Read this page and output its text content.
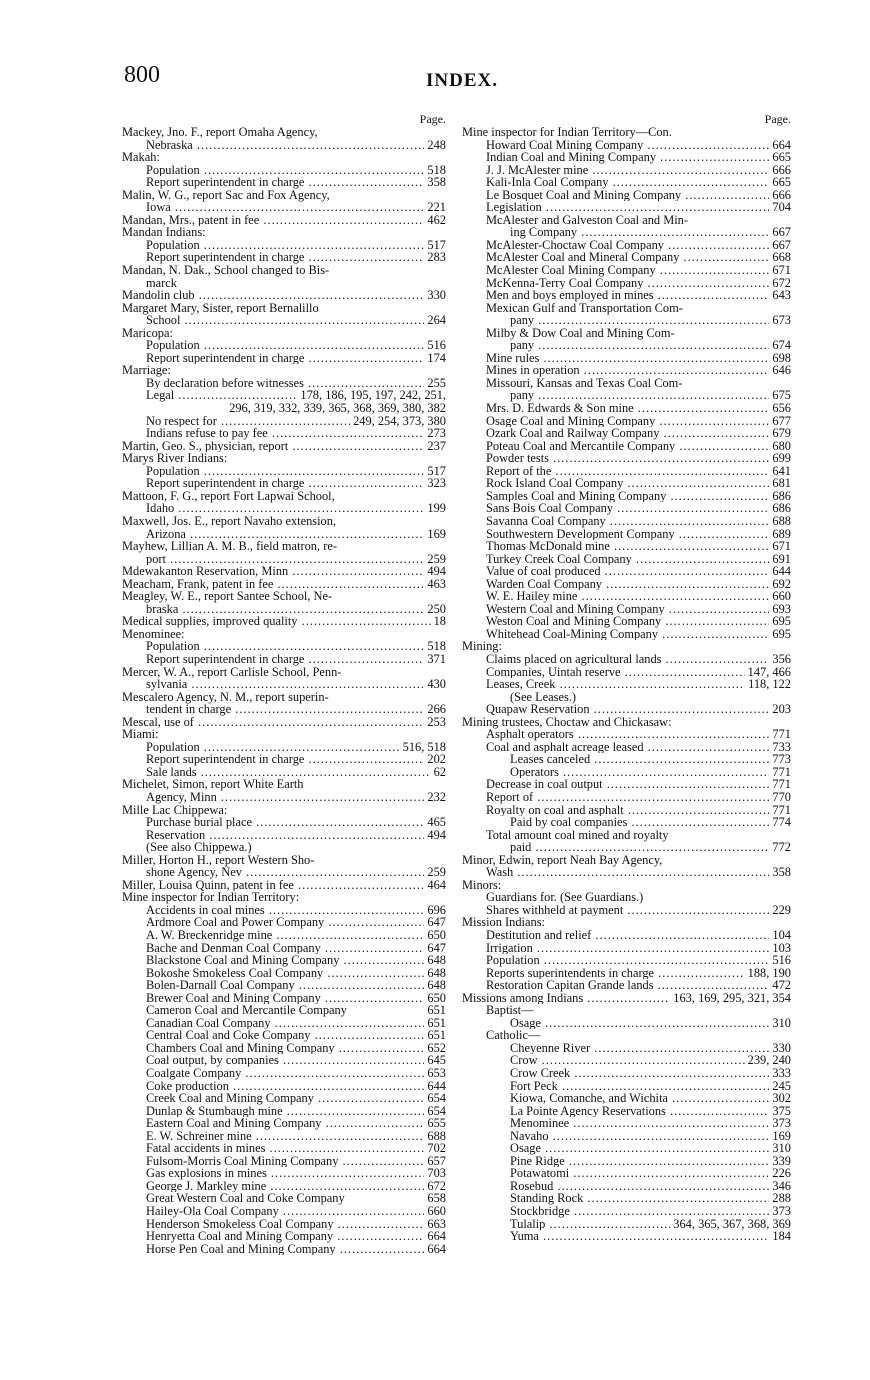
800	INDEX.
Page.
Mackey, Jno. F., report Omaha Agency,
Nebraska .....	248
Makah:
Population .....	518
Report superintendent in charge .....	358
Malin, W. G., report Sac and Fox Agency,
Iowa .....	221
Mandan, Mrs., patent in fee .....	462
Mandan Indians:
Population .....	517
Report superintendent in charge .....	283
Mandan, N. Dak., School changed to Bis-
marck
Mandolin club .....	330
Margaret Mary, Sister, report Bernalillo
School .....	264
Maricopa:
Population .....	516
Report superintendent in charge .....	174
Marriage:
By declaration before witnesses .....	255
Legal .....	178, 186, 195, 197, 242, 251,
296, 319, 332, 339, 365, 368, 369, 380, 382
No respect for .....	249, 254, 373, 380
Indians refuse to pay fee .....	273
Martin, Geo. S., physician, report .....	237
Marys River Indians:
Population .....	517
Report superintendent in charge .....	323
Mattoon, F. G., report Fort Lapwai School,
Idaho .....	199
Maxwell, Jos. E., report Navaho extension,
Arizona .....	169
Mayhew, Lillian A. M. B., field matron, re-
port .....	259
Mdewakanton Reservation, Minn .....	494
Meacham, Frank, patent in fee .....	463
Meagley, W. E., report Santee School, Ne-
braska .....	250
Medical supplies, improved quality .....	18
Menominee:
Population .....	518
Report superintendent in charge .....	371
Mercer, W. A., report Carlisle School, Penn-
sylvania .....	430
Mescalero Agency, N. M., report superin-
tendent in charge .....	266
Mescal, use of .....	253
Miami:
Population .....	516, 518
Report superintendent in charge .....	202
Sale lands .....	62
Michelet, Simon, report White Earth
Agency, Minn .....	232
Mille Lac Chippewa:
Purchase burial place .....	465
Reservation .....	494
(See also Chippewa.)
Miller, Horton H., report Western Sho-
shone Agency, Nev .....	259
Miller, Louisa Quinn, patent in fee .....	464
Mine inspector for Indian Territory:
Accidents in coal mines .....	696
Ardmore Coal and Power Company .....	647
A. W. Breckenridge mine .....	650
Bache and Denman Coal Company .....	647
Blackstone Coal and Mining Company .....	648
Bokoshe Smokeless Coal Company .....	648
Bolen-Darnall Coal Company .....	648
Brewer Coal and Mining Company .....	650
Cameron Coal and Mercantile Company	651
Canadian Coal Company .....	651
Central Coal and Coke Company .....	651
Chambers Coal and Mining Company .....	652
Coal output, by companies .....	645
Coalgate Company .....	653
Coke production .....	644
Creek Coal and Mining Company .....	654
Dunlap & Stumbaugh mine .....	654
Eastern Coal and Mining Company .....	655
E. W. Schreiner mine .....	688
Fatal accidents in mines .....	702
Fulsom-Morris Coal Mining Company .....	657
Gas explosions in mines .....	703
George J. Markley mine .....	672
Great Western Coal and Coke Company	658
Hailey-Ola Coal Company .....	660
Henderson Smokeless Coal Company .....	663
Henryetta Coal and Mining Company .....	664
Horse Pen Coal and Mining Company .....	664
Page.
Mine inspector for Indian Territory—Con.
Howard Coal Mining Company .....	664
Indian Coal and Mining Company .....	665
J. J. McAlester mine .....	666
Kali-Inla Coal Company .....	665
Le Bosquet Coal and Mining Company .....	666
Legislation .....	704
McAlester and Galveston Coal and Min-
ing Company .....	667
McAlester-Choctaw Coal Company .....	667
McAlester Coal and Mineral Company .....	668
McAlester Coal Mining Company .....	671
McKenna-Terry Coal Company .....	672
Men and boys employed in mines .....	643
Mexican Gulf and Transportation Com-
pany .....	673
Milby & Dow Coal and Mining Com-
pany .....	674
Mine rules .....	698
Mines in operation .....	646
Missouri, Kansas and Texas Coal Com-
pany .....	675
Mrs. D. Edwards & Son mine .....	656
Osage Coal and Mining Company .....	677
Ozark Coal and Railway Company .....	679
Poteau Coal and Mercantile Company .....	680
Powder tests .....	699
Report of the .....	641
Rock Island Coal Company .....	681
Samples Coal and Mining Company .....	686
Sans Bois Coal Company .....	686
Savanna Coal Company .....	688
Southwestern Development Company .....	689
Thomas McDonald mine .....	671
Turkey Creek Coal Company .....	691
Value of coal produced .....	644
Warden Coal Company .....	692
W. E. Hailey mine .....	660
Western Coal and Mining Company .....	693
Weston Coal and Mining Company .....	695
Whitehead Coal-Mining Company .....	695
Mining:
Claims placed on agricultural lands .....	356
Companies, Uintah reserve .....	147, 466
Leases, Creek .....	118, 122
(See Leases.)
Quapaw Reservation .....	203
Mining trustees, Choctaw and Chickasaw:
Asphalt operators .....	771
Coal and asphalt acreage leased .....	733
Leases canceled .....	773
Operators .....	771
Decrease in coal output .....	771
Report of .....	770
Royalty on coal and asphalt .....	771
Paid by coal companies .....	774
Total amount coal mined and royalty
paid .....	772
Minor, Edwin, report Neah Bay Agency,
Wash .....	358
Minors:
Guardians for. (See Guardians.)
Shares withheld at payment .....	229
Mission Indians:
Destitution and relief .....	104
Irrigation .....	103
Population .....	516
Reports superintendents in charge .....	188, 190
Restoration Capitan Grande lands .....	472
Missions among Indians .....	163, 169, 295, 321, 354
Baptist—
Osage .....	310
Catholic—
Cheyenne River .....	330
Crow .....	239, 240
Crow Creek .....	333
Fort Peck .....	245
Kiowa, Comanche, and Wichita .....	302
La Pointe Agency Reservations .....	375
Menominee .....	373
Navaho .....	169
Osage .....	310
Pine Ridge .....	339
Potawatomi .....	226
Rosebud .....	346
Standing Rock .....	288
Stockbridge .....	373
Tulalip .....	364, 365, 367, 368, 369
Yuma .....	184
